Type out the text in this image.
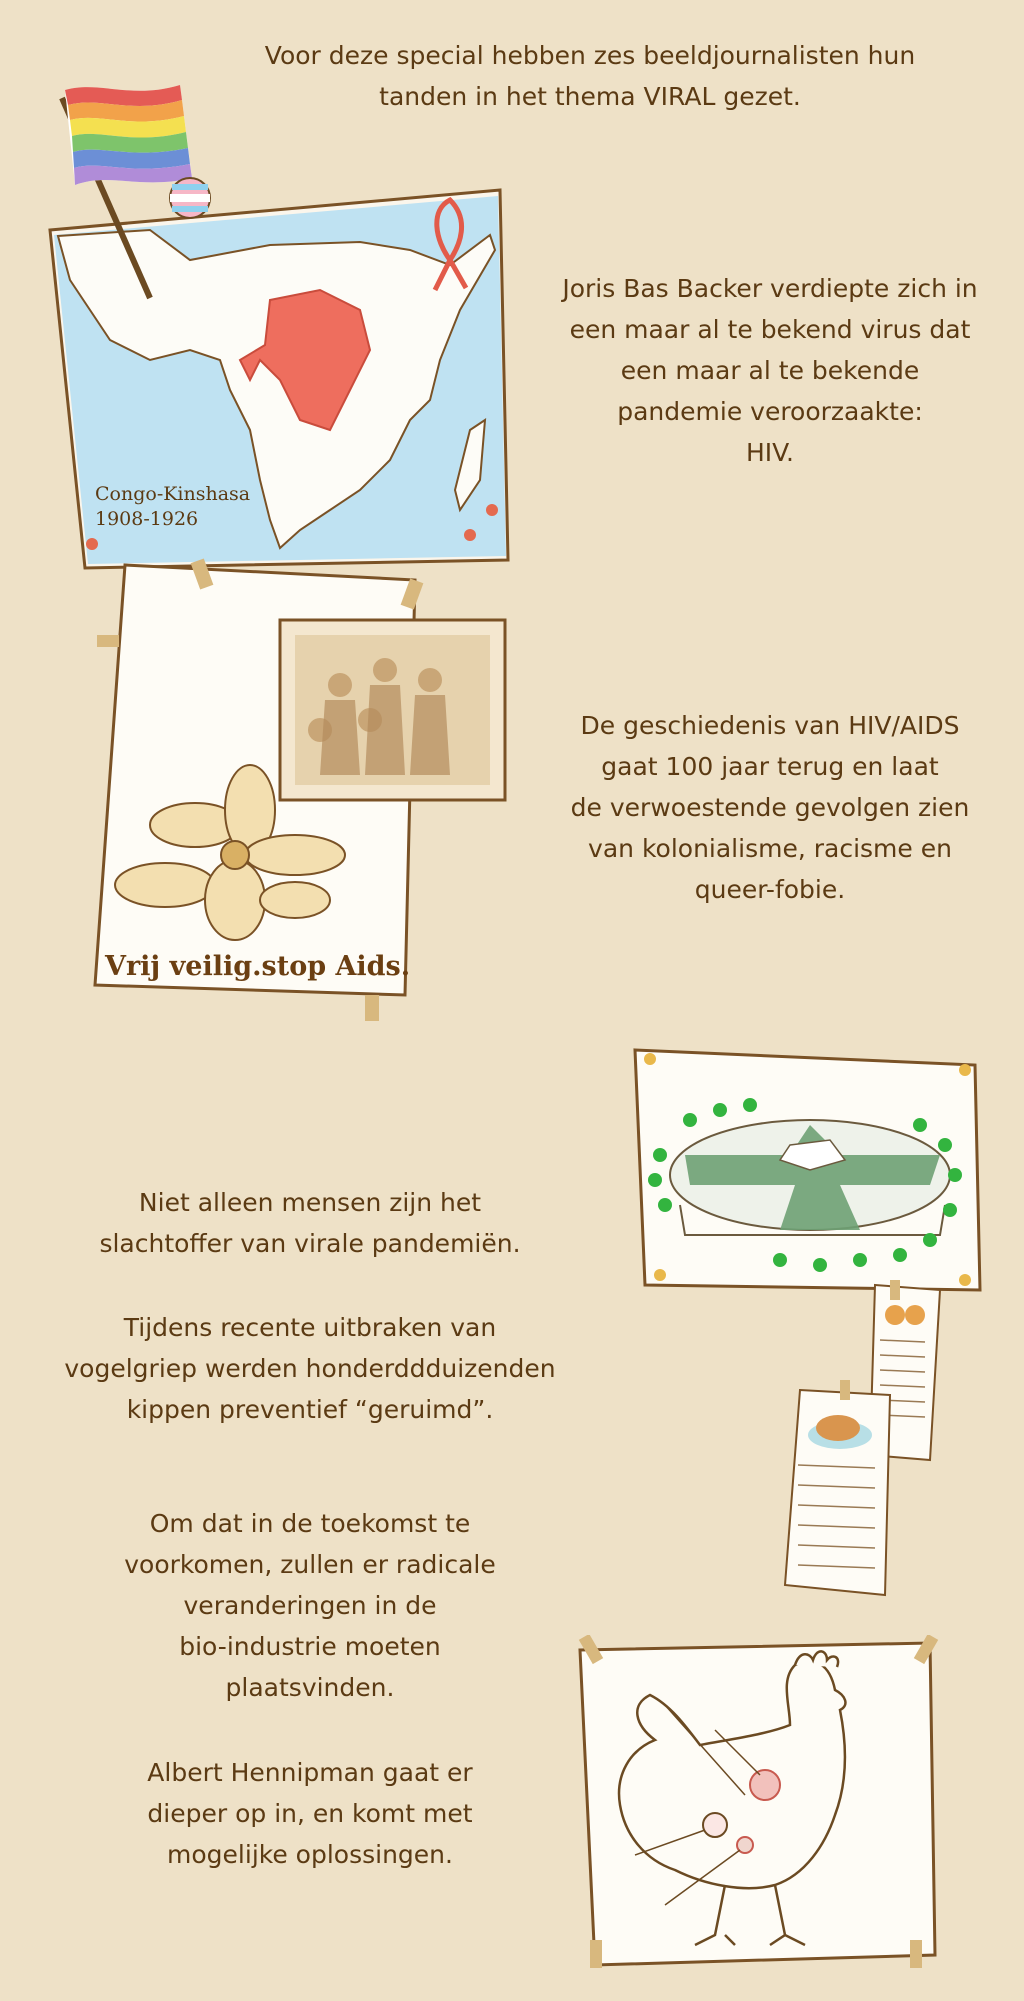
Voor deze special hebben zes beeldjournalisten hun
tanden in het thema VIRAL gezet.
Joris Bas Backer verdiepte zich in
een maar al te bekend virus dat
een maar al te bekende
pandemie veroorzaakte:
HIV.
De geschiedenis van HIV/AIDS
gaat 100 jaar terug en laat
de verwoestende gevolgen zien
van kolonialisme, racisme en
queer-fobie.
Niet alleen mensen zijn het
slachtoffer van virale pandemiën.
Tijdens recente uitbraken van
vogelgriep werden honderddduizenden
kippen preventief “geruimd”.
Om dat in de toekomst te
voorkomen, zullen er radicale
veranderingen in de
bio-industrie moeten
plaatsvinden.
Albert Hennipman gaat er
dieper op in, en komt met
mogelijke oplossingen.
Congo-Kinshasa
1908-1926
Vrij veilig.stop Aids.
